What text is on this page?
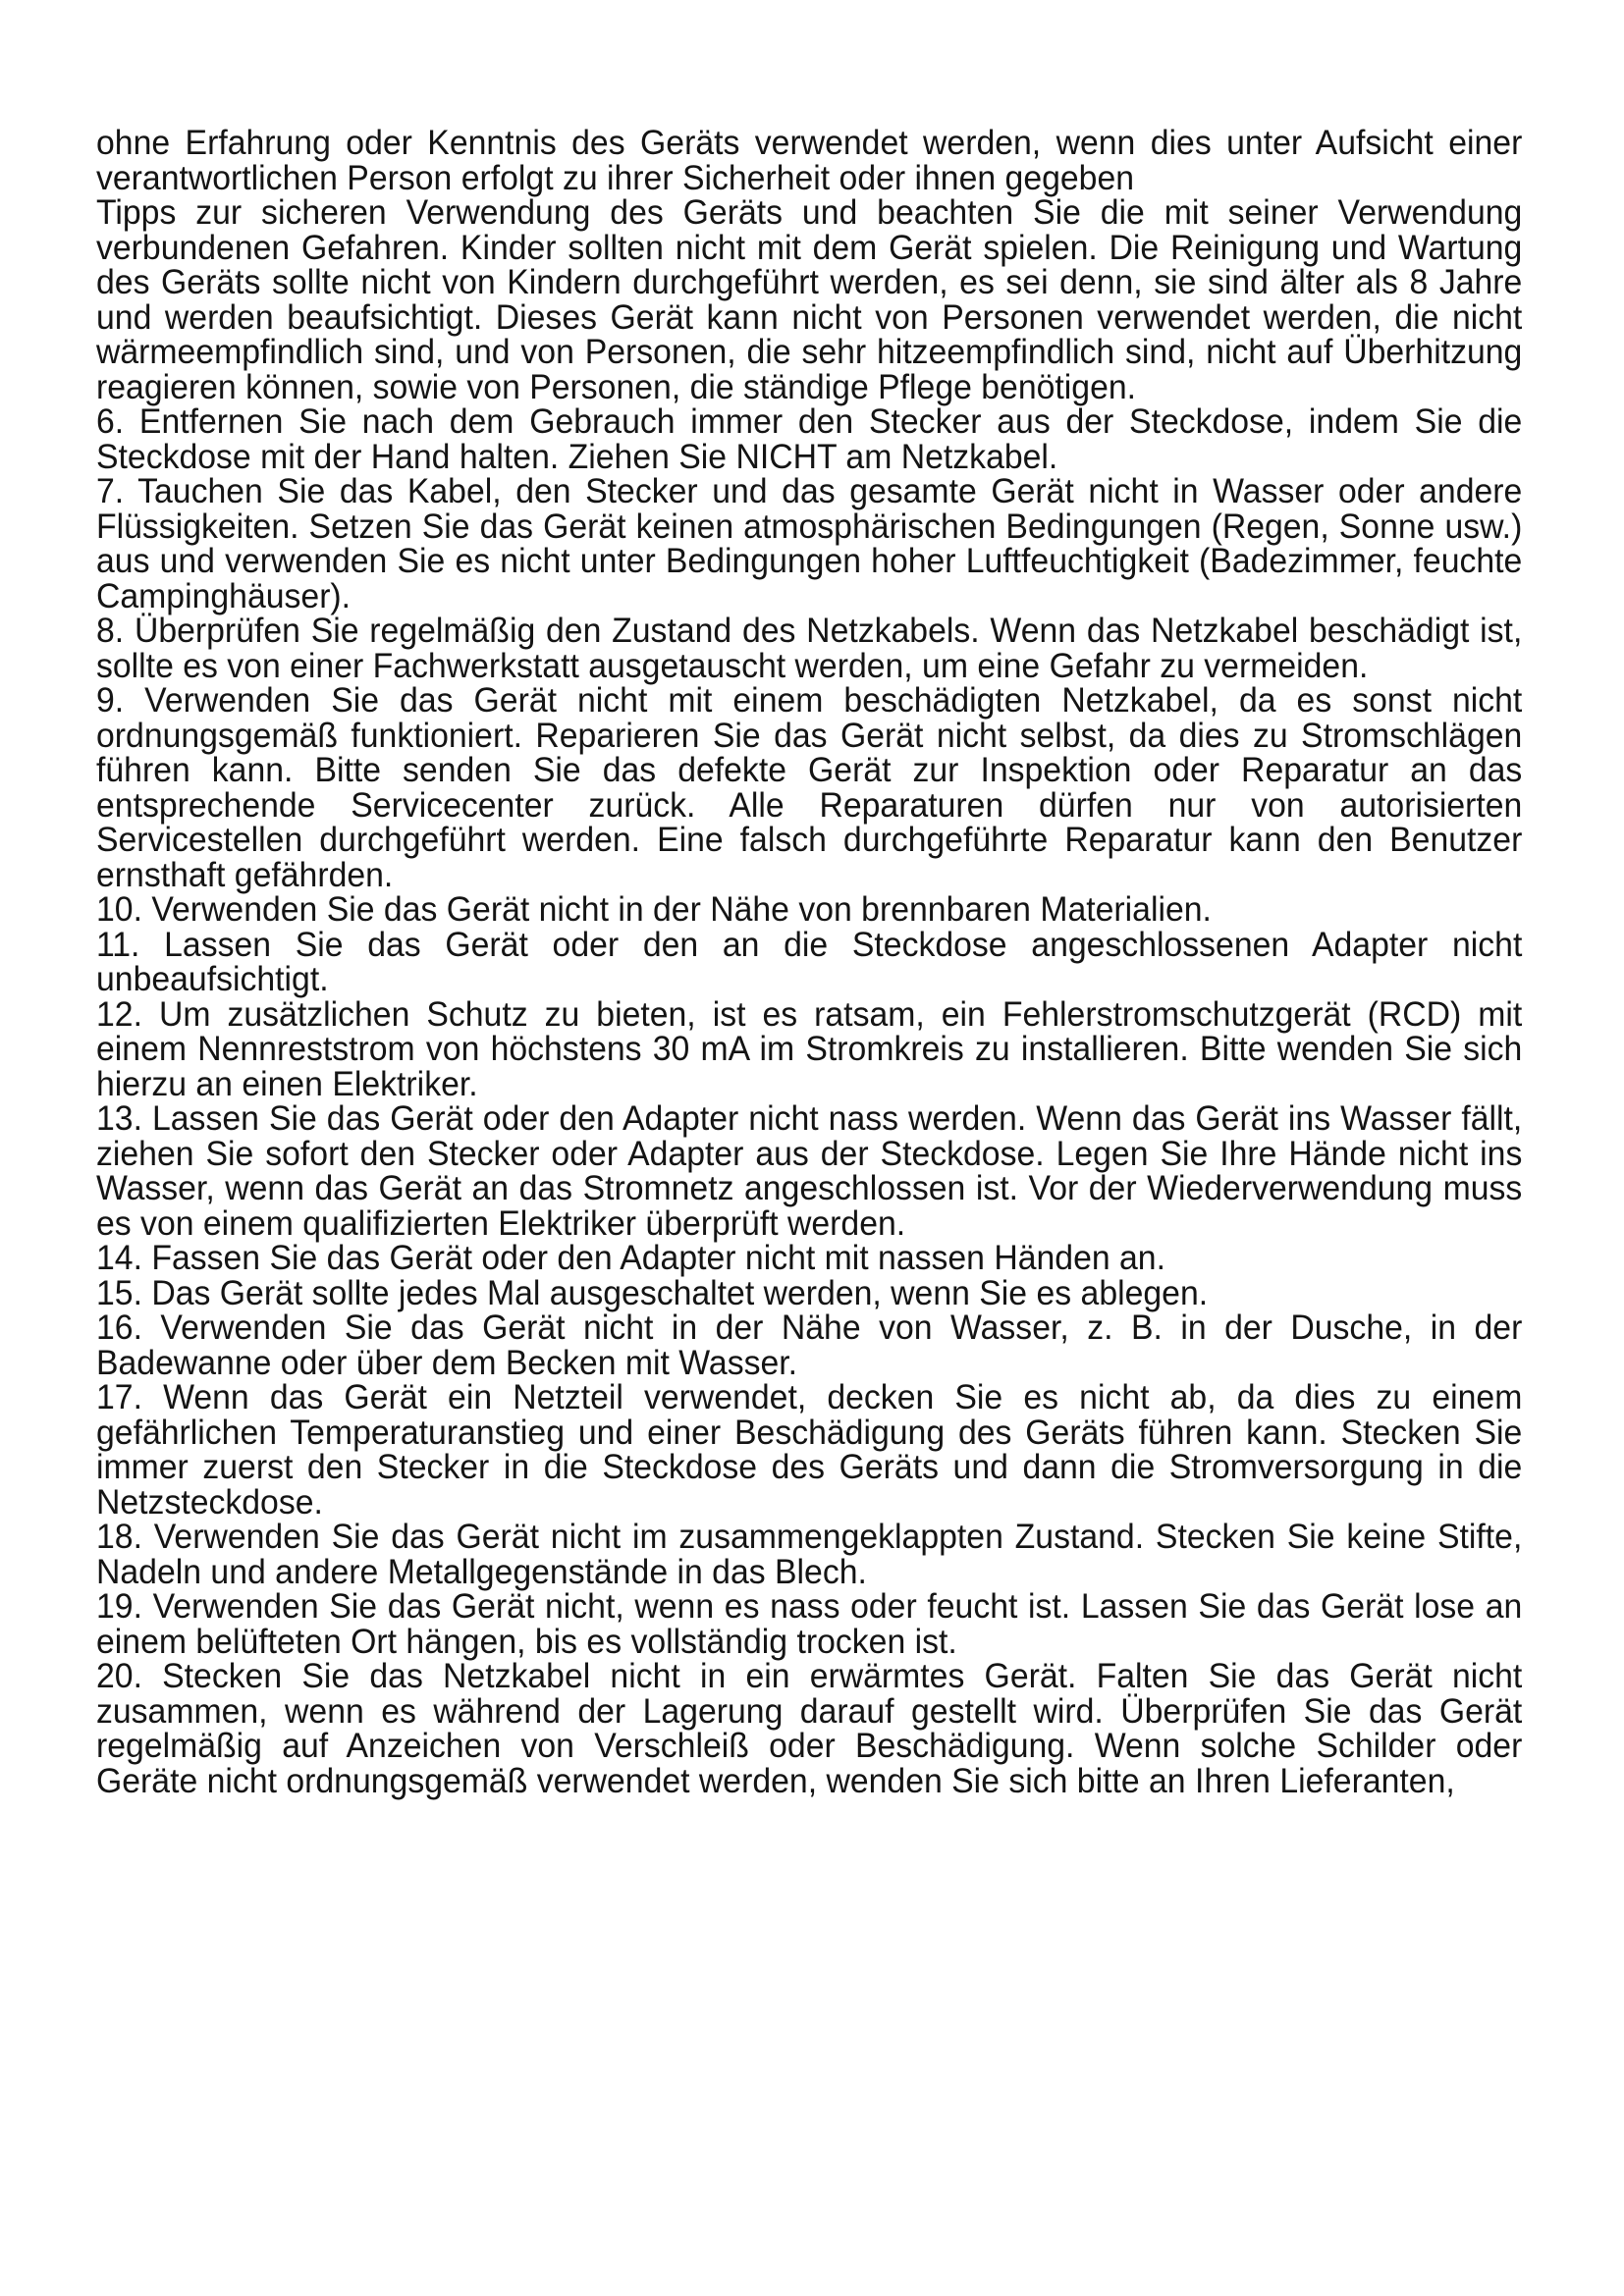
ohne Erfahrung oder Kenntnis des Geräts verwendet werden, wenn dies unter Aufsicht einer verantwortlichen Person erfolgt zu ihrer Sicherheit oder ihnen gegeben

Tipps zur sicheren Verwendung des Geräts und beachten Sie die mit seiner Verwendung verbundenen Gefahren. Kinder sollten nicht mit dem Gerät spielen. Die Reinigung und Wartung des Geräts sollte nicht von Kindern durchgeführt werden, es sei denn, sie sind älter als 8 Jahre und werden beaufsichtigt. Dieses Gerät kann nicht von Personen verwendet werden, die nicht wärmeempfindlich sind, und von Personen, die sehr hitzeempfindlich sind, nicht auf Überhitzung reagieren können, sowie von Personen, die ständige Pflege benötigen.

6. Entfernen Sie nach dem Gebrauch immer den Stecker aus der Steckdose, indem Sie die Steckdose mit der Hand halten. Ziehen Sie NICHT am Netzkabel.

7. Tauchen Sie das Kabel, den Stecker und das gesamte Gerät nicht in Wasser oder andere Flüssigkeiten. Setzen Sie das Gerät keinen atmosphärischen Bedingungen (Regen, Sonne usw.) aus und verwenden Sie es nicht unter Bedingungen hoher Luftfeuchtigkeit (Badezimmer, feuchte Campinghäuser).

8. Überprüfen Sie regelmäßig den Zustand des Netzkabels. Wenn das Netzkabel beschädigt ist, sollte es von einer Fachwerkstatt ausgetauscht werden, um eine Gefahr zu vermeiden.

9. Verwenden Sie das Gerät nicht mit einem beschädigten Netzkabel, da es sonst nicht ordnungsgemäß funktioniert. Reparieren Sie das Gerät nicht selbst, da dies zu Stromschlägen führen kann. Bitte senden Sie das defekte Gerät zur Inspektion oder Reparatur an das entsprechende Servicecenter zurück. Alle Reparaturen dürfen nur von autorisierten Servicestellen durchgeführt werden. Eine falsch durchgeführte Reparatur kann den Benutzer ernsthaft gefährden.

10. Verwenden Sie das Gerät nicht in der Nähe von brennbaren Materialien.

11. Lassen Sie das Gerät oder den an die Steckdose angeschlossenen Adapter nicht unbeaufsichtigt.

12. Um zusätzlichen Schutz zu bieten, ist es ratsam, ein Fehlerstromschutzgerät (RCD) mit einem Nennreststrom von höchstens 30 mA im Stromkreis zu installieren. Bitte wenden Sie sich hierzu an einen Elektriker.

13. Lassen Sie das Gerät oder den Adapter nicht nass werden. Wenn das Gerät ins Wasser fällt, ziehen Sie sofort den Stecker oder Adapter aus der Steckdose. Legen Sie Ihre Hände nicht ins Wasser, wenn das Gerät an das Stromnetz angeschlossen ist. Vor der Wiederverwendung muss es von einem qualifizierten Elektriker überprüft werden.

14. Fassen Sie das Gerät oder den Adapter nicht mit nassen Händen an.

15. Das Gerät sollte jedes Mal ausgeschaltet werden, wenn Sie es ablegen.

16. Verwenden Sie das Gerät nicht in der Nähe von Wasser, z. B. in der Dusche, in der Badewanne oder über dem Becken mit Wasser.

17. Wenn das Gerät ein Netzteil verwendet, decken Sie es nicht ab, da dies zu einem gefährlichen Temperaturanstieg und einer Beschädigung des Geräts führen kann. Stecken Sie immer zuerst den Stecker in die Steckdose des Geräts und dann die Stromversorgung in die Netzsteckdose.

18. Verwenden Sie das Gerät nicht im zusammengeklappten Zustand. Stecken Sie keine Stifte, Nadeln und andere Metallgegenstände in das Blech.

19. Verwenden Sie das Gerät nicht, wenn es nass oder feucht ist. Lassen Sie das Gerät lose an einem belüfteten Ort hängen, bis es vollständig trocken ist.

20. Stecken Sie das Netzkabel nicht in ein erwärmtes Gerät. Falten Sie das Gerät nicht zusammen, wenn es während der Lagerung darauf gestellt wird. Überprüfen Sie das Gerät regelmäßig auf Anzeichen von Verschleiß oder Beschädigung. Wenn solche Schilder oder Geräte nicht ordnungsgemäß verwendet werden, wenden Sie sich bitte an Ihren Lieferanten,
